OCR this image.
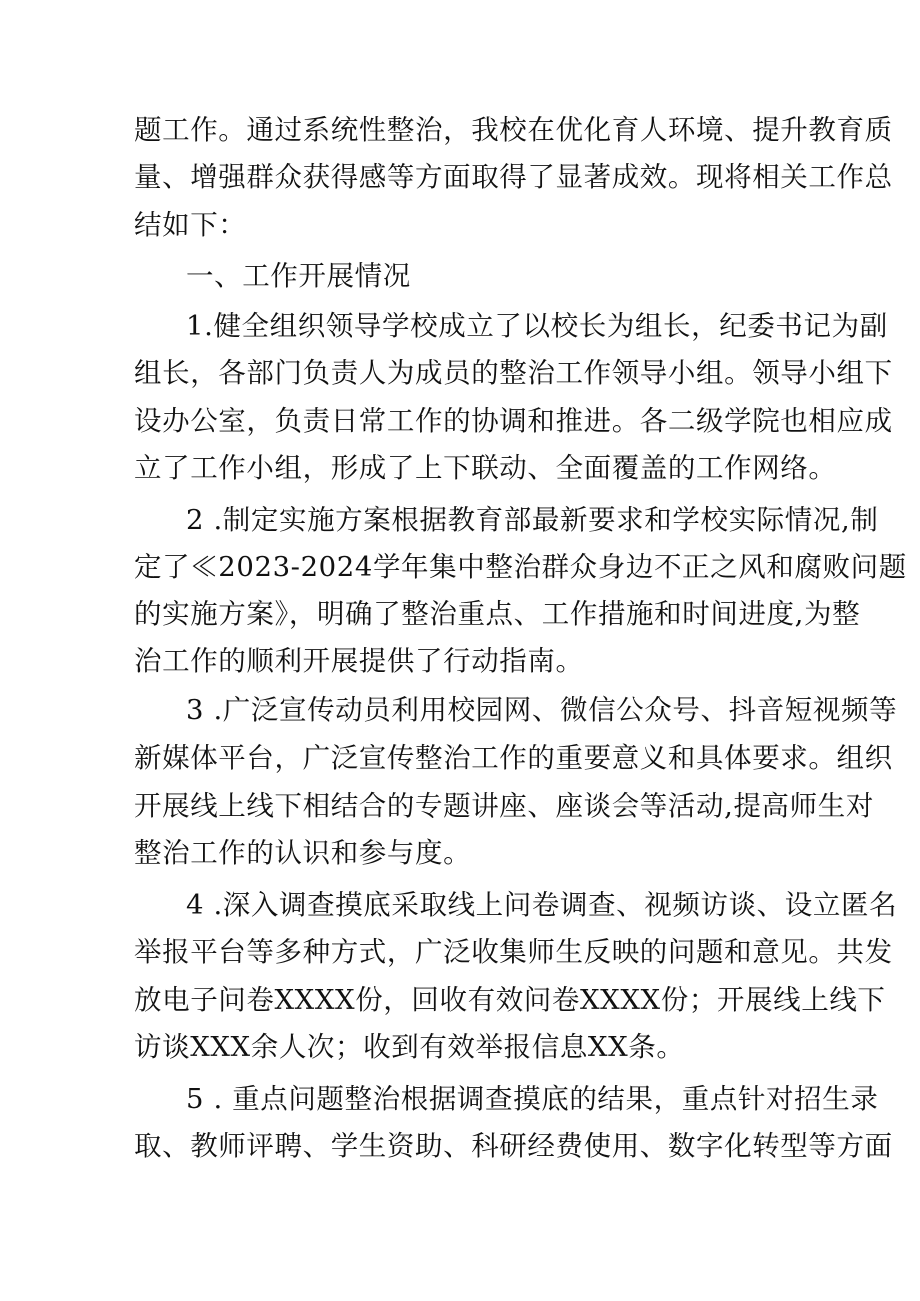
题工作。通过系统性整治，我校在优化育人环境、提升教育质
量、增强群众获得感等方面取得了显著成效。现将相关工作总
结如下：
一、工作开展情况
1.健全组织领导学校成立了以校长为组长，纪委书记为副
组长，各部门负责人为成员的整治工作领导小组。领导小组下
设办公室，负责日常工作的协调和推进。各二级学院也相应成
立了工作小组，形成了上下联动、全面覆盖的工作网络。
2 .制定实施方案根据教育部最新要求和学校实际情况,制
定了≪2023-2024学年集中整治群众身边不正之风和腐败问题
的实施方案》，明确了整治重点、工作措施和时间进度,为整
治工作的顺利开展提供了行动指南。
3 .广泛宣传动员利用校园网、微信公众号、抖音短视频等
新媒体平台，广泛宣传整治工作的重要意义和具体要求。组织
开展线上线下相结合的专题讲座、座谈会等活动,提高师生对
整治工作的认识和参与度。
4 .深入调查摸底采取线上问卷调查、视频访谈、设立匿名
举报平台等多种方式，广泛收集师生反映的问题和意见。共发
放电子问卷XXXX份，回收有效问卷XXXX份；开展线上线下
访谈XXX余人次；收到有效举报信息XX条。
5 . 重点问题整治根据调查摸底的结果，重点针对招生录
取、教师评聘、学生资助、科研经费使用、数字化转型等方面
